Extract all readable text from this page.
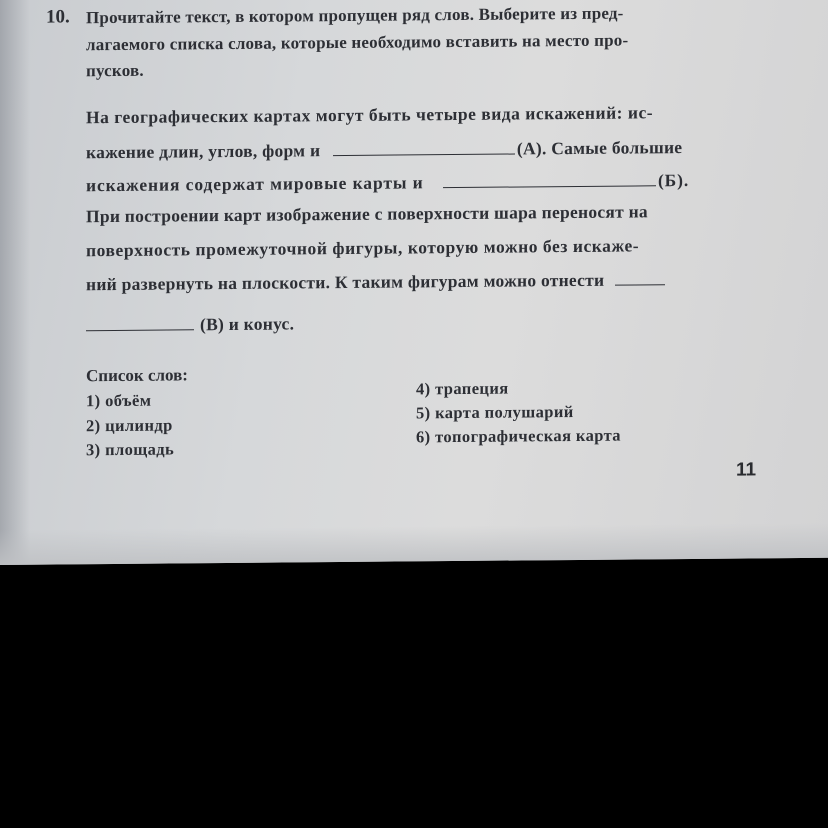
10. Прочитайте текст, в котором пропущен ряд слов. Выберите из пред-
лагаемого списка слова, которые необходимо вставить на место про-
пусков.
На географических картах могут быть четыре вида искажений: ис-
кажение длин, углов, форм и	(А). Самые большие
искажения содержат мировые карты и	(Б).
При построении карт изображение с поверхности шара переносят на
поверхность промежуточной фигуры, которую можно без искаже-
ний развернуть на плоскости. К таким фигурам можно отнести
(В) и конус.
Список слов:
1) объём
2) цилиндр
3) площадь
4) трапеция
5) карта полушарий
6) топографическая карта
11
